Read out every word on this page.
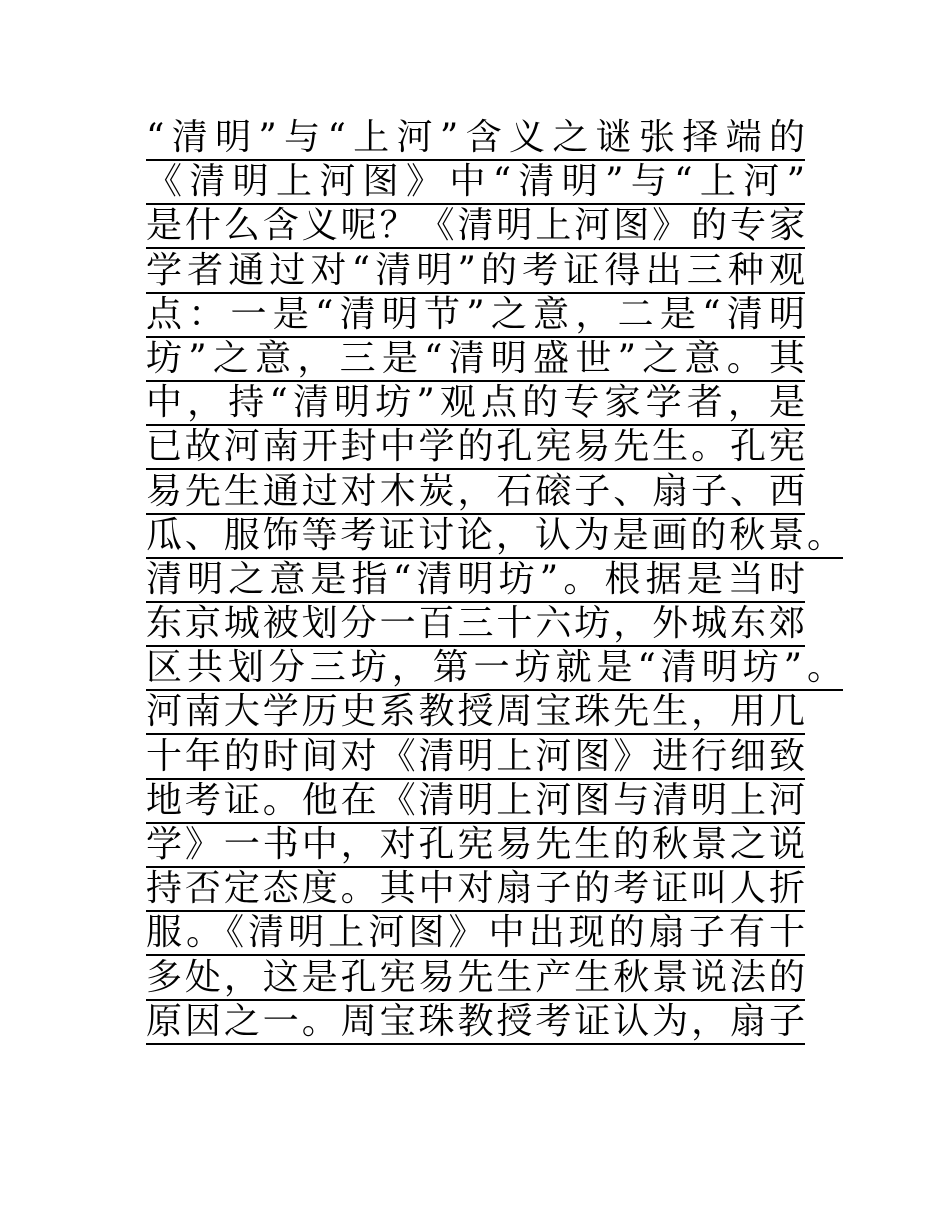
“清明”与“上河”含义之谜张择端的
《清明上河图》中“清明”与“上河”
是什么含义呢？《清明上河图》的专家
学者通过对“清明”的考证得出三种观
点：一是“清明节”之意，二是“清明
坊”之意，三是“清明盛世”之意。其
中，持“清明坊”观点的专家学者，是
已故河南开封中学的孔宪易先生。孔宪
易先生通过对木炭，石磙子、扇子、西
瓜、服饰等考证讨论，认为是画的秋景。
清明之意是指“清明坊”。根据是当时
东京城被划分一百三十六坊，外城东郊
区共划分三坊，第一坊就是“清明坊”。
河南大学历史系教授周宝珠先生，用几
十年的时间对《清明上河图》进行细致
地考证。他在《清明上河图与清明上河
学》一书中，对孔宪易先生的秋景之说
持否定态度。其中对扇子的考证叫人折
服。《清明上河图》中出现的扇子有十
多处，这是孔宪易先生产生秋景说法的
原因之一。周宝珠教授考证认为，扇子
